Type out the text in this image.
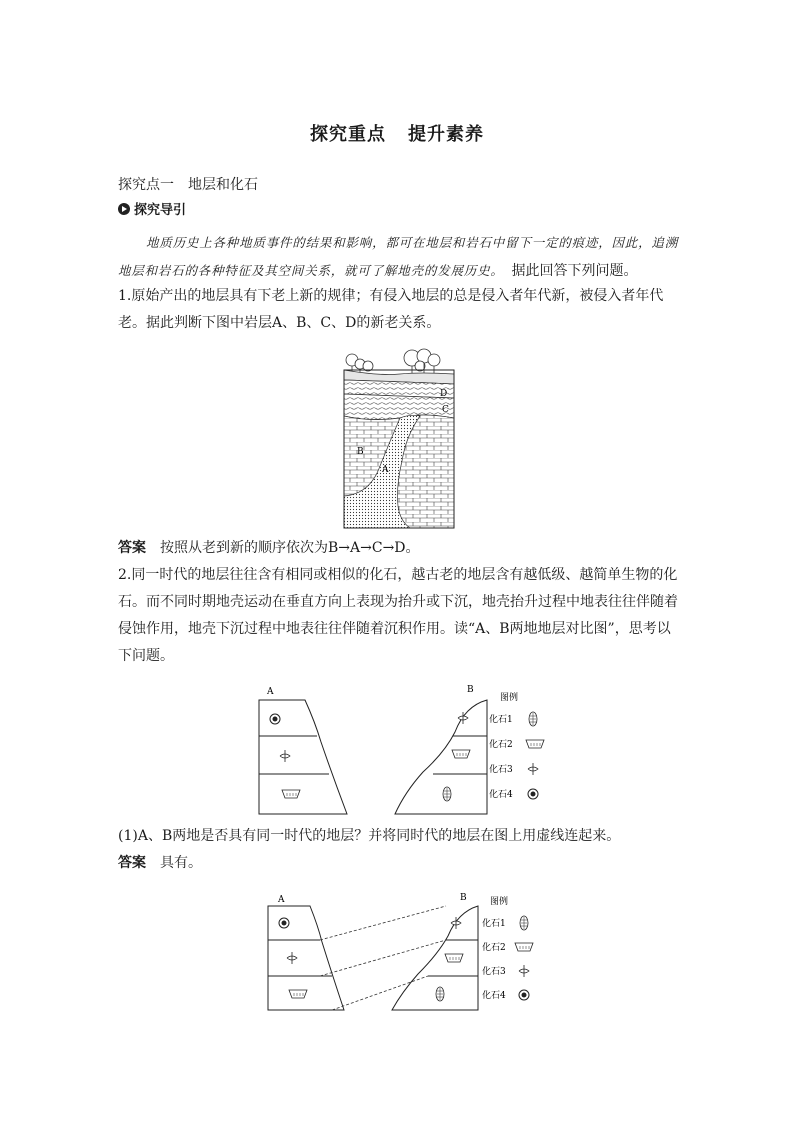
探究重点 提升素养
探究点一　地层和化石
探究导引
地质历史上各种地质事件的结果和影响，都可在地层和岩石中留下一定的痕迹，因此，追溯地层和岩石的各种特征及其空间关系，就可了解地壳的发展历史。　 据此回答下列问题。
1.原始产出的地层具有下老上新的规律；有侵入地层的总是侵入者年代新，被侵入者年代老。据此判断下图中岩层A、B、C、D的新老关系。
D
C
B
A
答案 按照从老到新的顺序依次为B→A→C→D。
2.同一时代的地层往往含有相同或相似的化石，越古老的地层含有越低级、越简单生物的化石。而不同时期地壳运动在垂直方向上表现为抬升或下沉，地壳抬升过程中地表往往伴随着侵蚀作用，地壳下沉过程中地表往往伴随着沉积作用。读“A、B两地地层对比图”，思考以下问题。
A	B
图例
化石1
化石2
化石3
化石4
(1)A、B两地是否具有同一时代的地层？并将同时代的地层在图上用虚线连起来。
答案 具有。
A	B	图例
化石1
化石2
化石3
化石4
